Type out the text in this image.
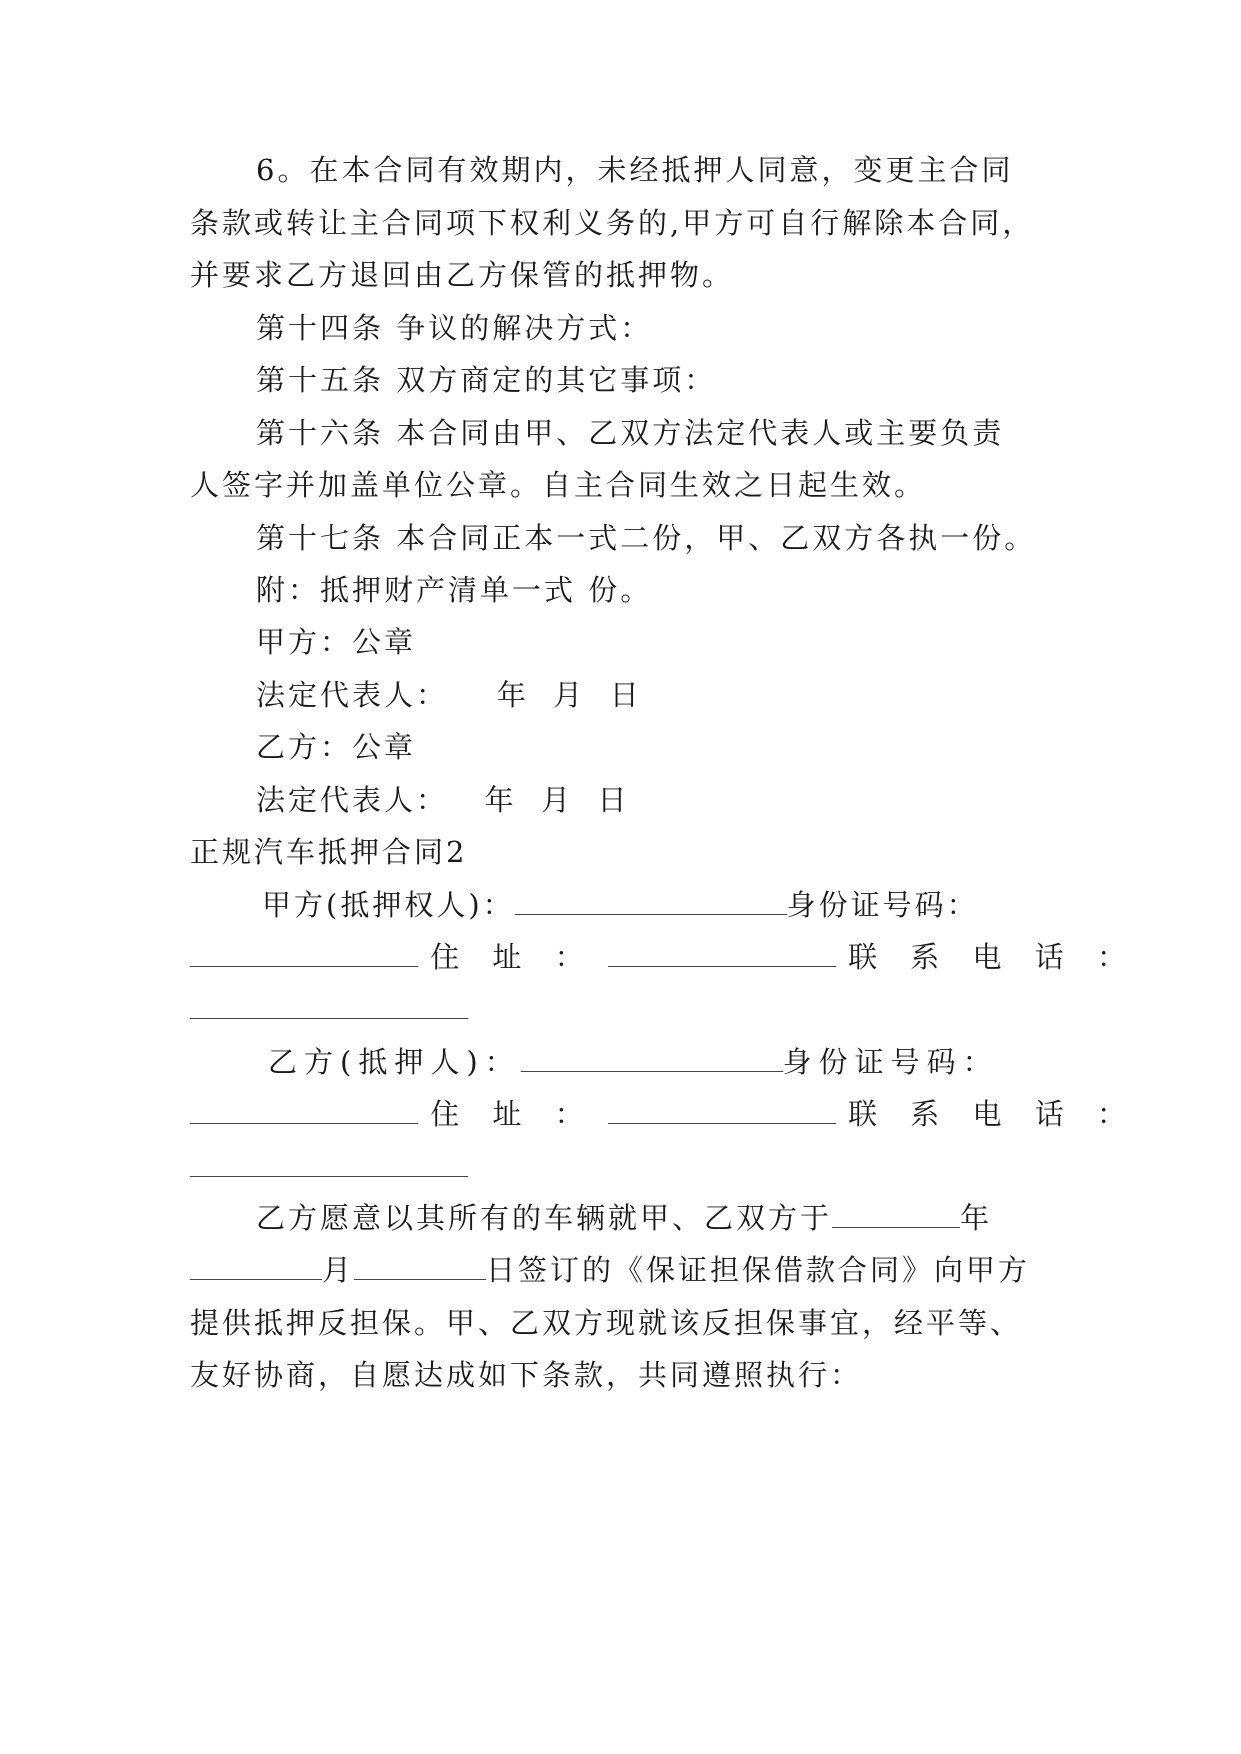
6。在本合同有效期内，未经抵押人同意，变更主合同
条款或转让主合同项下权利义务的,甲方可自行解除本合同，
并要求乙方退回由乙方保管的抵押物。
第十四条 争议的解决方式：
第十五条 双方商定的其它事项：
第十六条 本合同由甲、乙双方法定代表人或主要负责
人签字并加盖单位公章。自主合同生效之日起生效。
第十七条 本合同正本一式二份，甲、乙双方各执一份。
附：抵押财产清单一式 份。
甲方：公章
法定代表人：    年  月  日
乙方：公章
法定代表人：   年  月  日
正规汽车抵押合同2
甲方(抵押权人)：	身份证号码：
住 址 ：	联 系 电 话 ：
乙方(抵押人)：	身份证号码：
住 址 ：	联 系 电 话 ：
乙方愿意以其所有的车辆就甲、乙双方于	年
月	日签订的《保证担保借款合同》向甲方
提供抵押反担保。甲、乙双方现就该反担保事宜，经平等、
友好协商，自愿达成如下条款，共同遵照执行：
